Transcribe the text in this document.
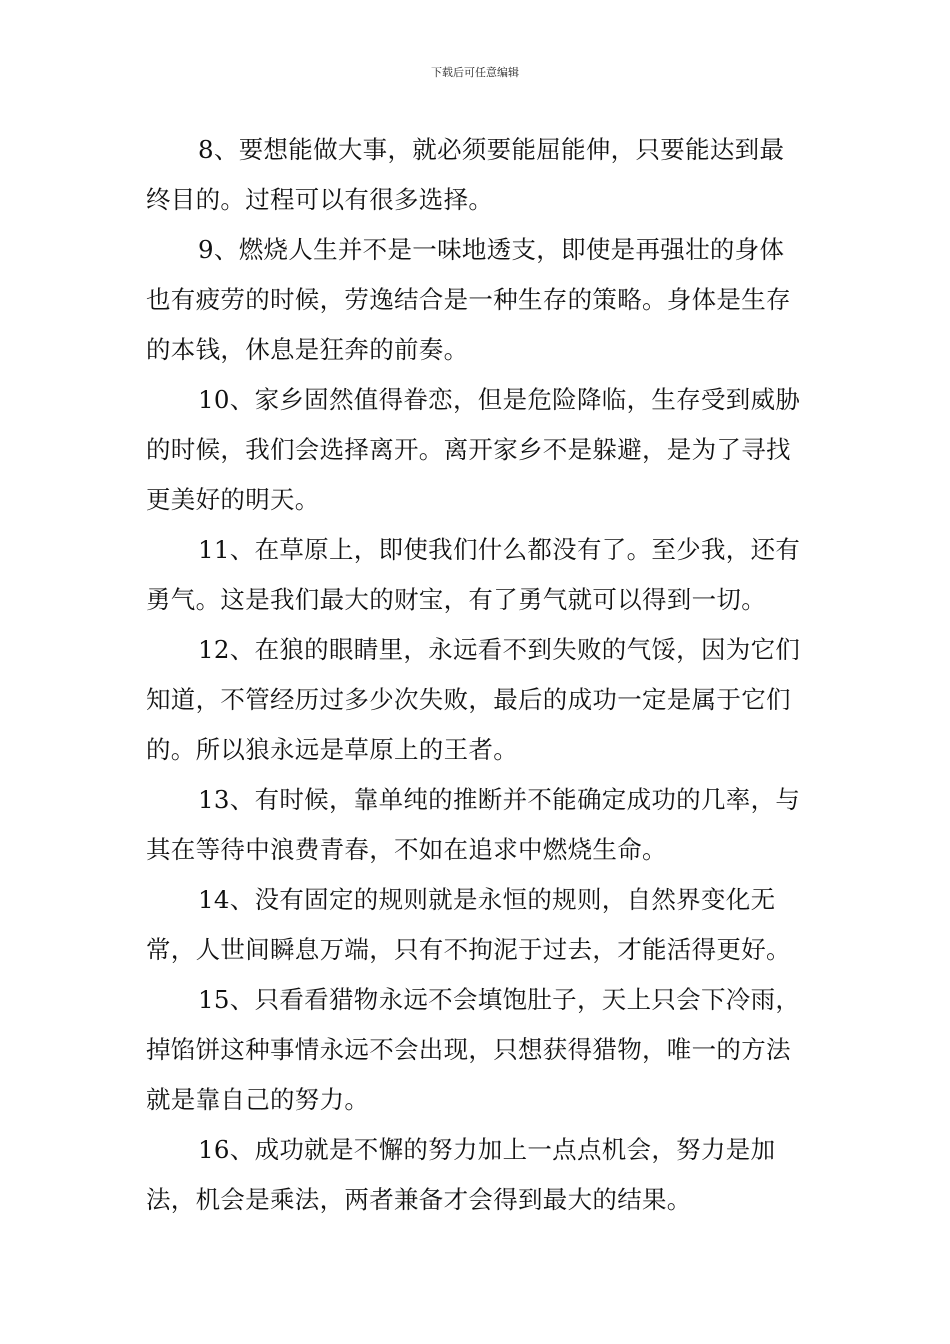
下载后可任意编辑

8、要想能做大事，就必须要能屈能伸，只要能达到最终目的。过程可以有很多选择。

9、燃烧人生并不是一味地透支，即使是再强壮的身体也有疲劳的时候，劳逸结合是一种生存的策略。身体是生存的本钱，休息是狂奔的前奏。

10、家乡固然值得眷恋，但是危险降临，生存受到威胁的时候，我们会选择离开。离开家乡不是躲避，是为了寻找更美好的明天。

11、在草原上，即使我们什么都没有了。至少我，还有勇气。这是我们最大的财宝，有了勇气就可以得到一切。

12、在狼的眼睛里，永远看不到失败的气馁，因为它们知道，不管经历过多少次失败，最后的成功一定是属于它们的。所以狼永远是草原上的王者。

13、有时候，靠单纯的推断并不能确定成功的几率，与其在等待中浪费青春，不如在追求中燃烧生命。

14、没有固定的规则就是永恒的规则，自然界变化无常，人世间瞬息万端，只有不拘泥于过去，才能活得更好。

15、只看看猎物永远不会填饱肚子，天上只会下冷雨，掉馅饼这种事情永远不会出现，只想获得猎物，唯一的方法就是靠自己的努力。

16、成功就是不懈的努力加上一点点机会，努力是加法，机会是乘法，两者兼备才会得到最大的结果。
